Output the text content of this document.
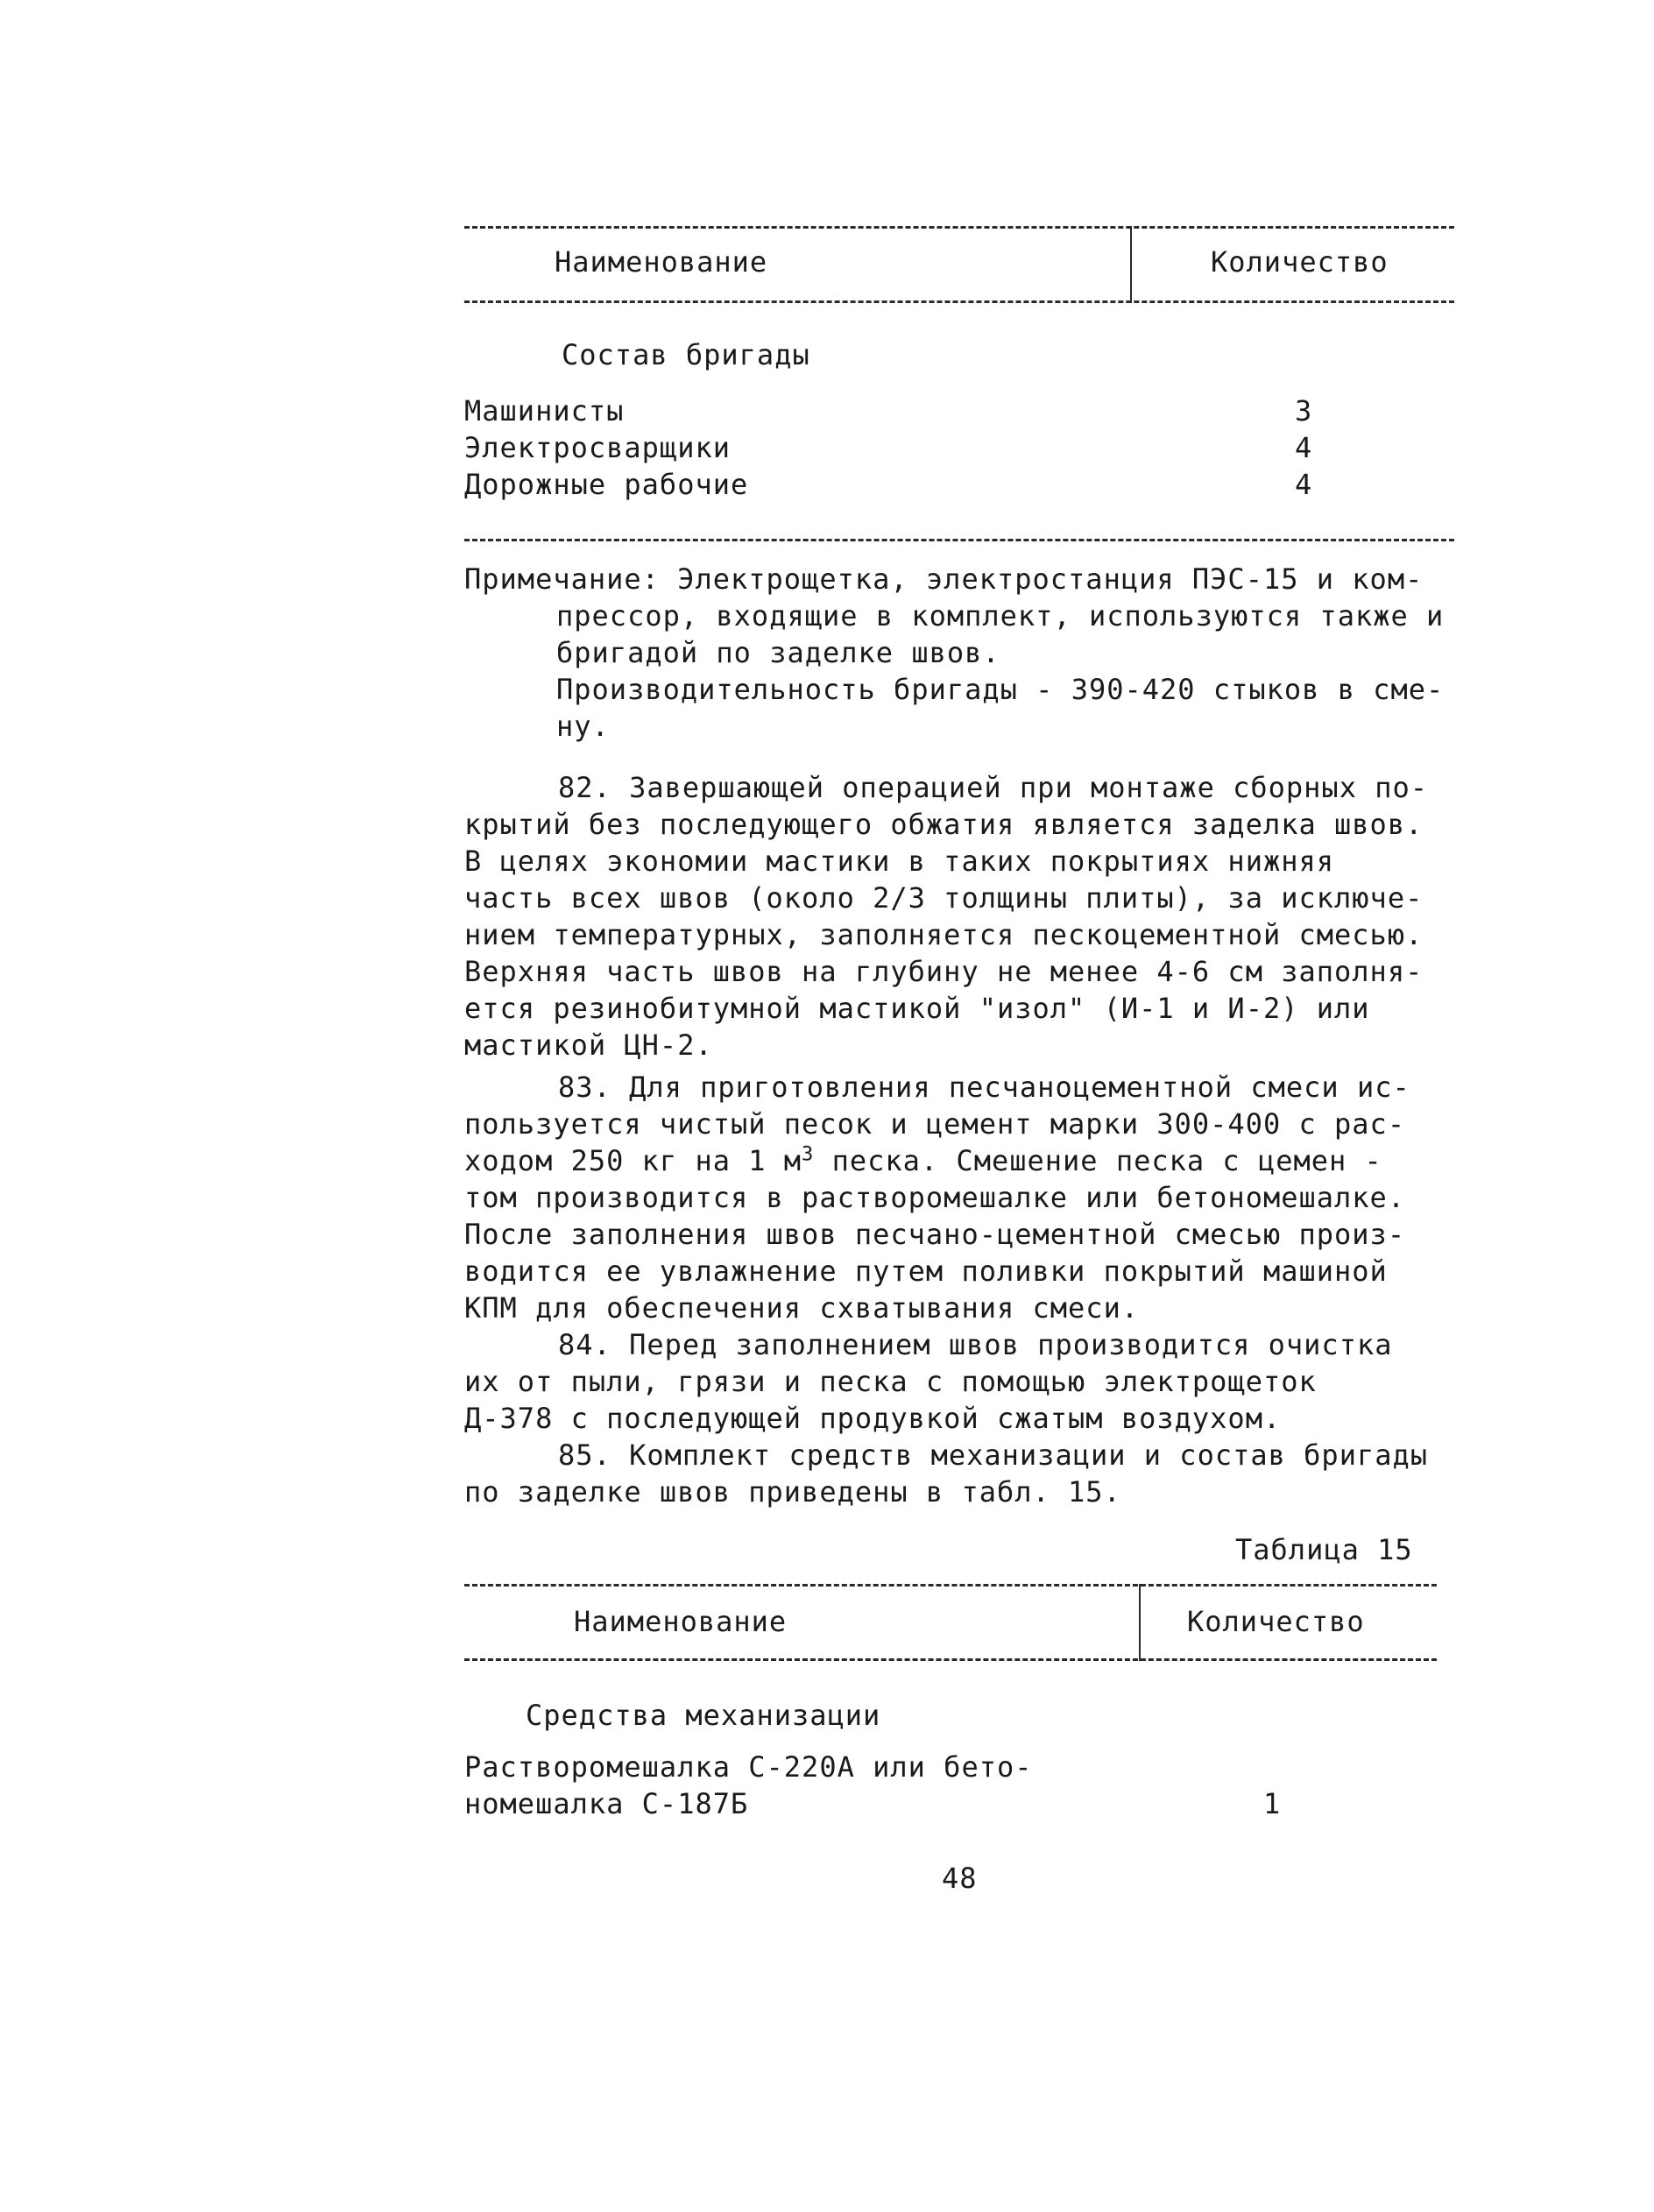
Наименование	Количество
Состав бригады
Машинисты	3
Электросварщики	4
Дорожные рабочие	4
Примечание: Электрощетка, электростанция ПЭС-15 и ком-
прессор, входящие в комплект, используются также и
бригадой по заделке швов.
Производительность бригады - 390-420 стыков в сме-
ну.
82. Завершающей операцией при монтаже сборных по-
крытий без последующего обжатия является заделка швов.
В целях экономии мастики в таких покрытиях нижняя
часть всех швов (около 2/3 толщины плиты), за исключе-
нием температурных, заполняется пескоцементной смесью.
Верхняя часть швов на глубину не менее 4-6 см заполня-
ется резинобитумной мастикой "изол" (И-1 и И-2) или
мастикой ЦН-2.
83. Для приготовления песчаноцементной смеси ис-
пользуется чистый песок и цемент марки 300-400 с рас-
ходом 250 кг на 1 $м^3$ песка. Смешение песка с цемен -
том производится в растворомешалке или бетономешалке.
После заполнения швов песчано-цементной смесью произ-
водится ее увлажнение путем поливки покрытий машиной
КПМ для обеспечения схватывания смеси.
84. Перед заполнением швов производится очистка
их от пыли, грязи и песка с помощью электрощеток
Д-378 с последующей продувкой сжатым воздухом.
85. Комплект средств механизации и состав бригады
по заделке швов приведены в табл. 15.
Таблица 15
Наименование	Количество
Средства механизации
Растворомешалка С-220А или бето-
номешалка С-187Б	1
48
